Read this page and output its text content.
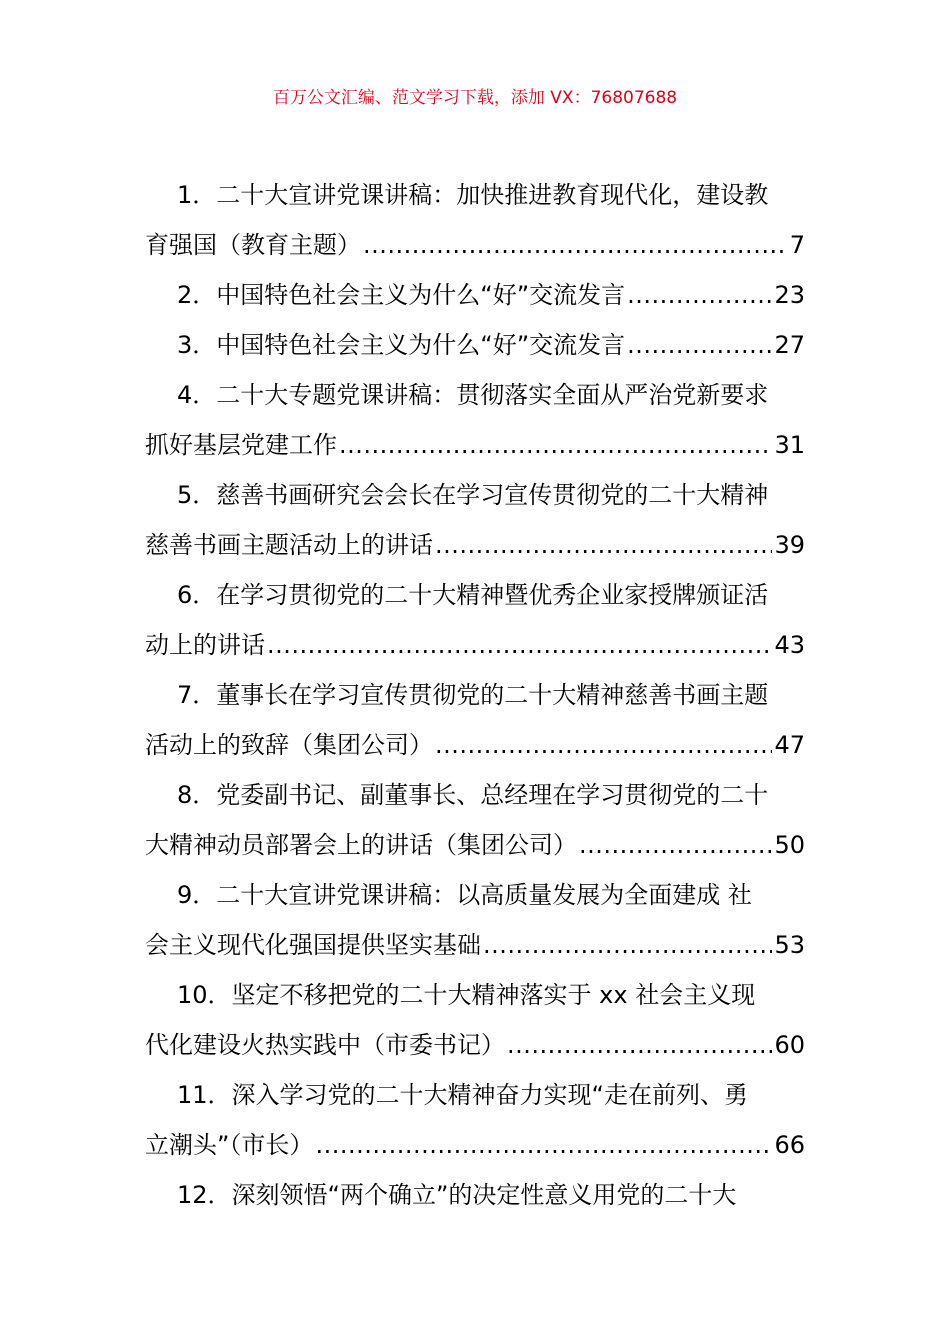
百万公文汇编、范文学习下载，添加 VX：76807688
1．二十大宣讲党课讲稿：加快推进教育现代化，建设教
育强国（教育主题） .....	7
2．中国特色社会主义为什么“好”交流发言 .....	23
3．中国特色社会主义为什么“好”交流发言 .....	27
4．二十大专题党课讲稿：贯彻落实全面从严治党新要求
抓好基层党建工作 .....	31
5．慈善书画研究会会长在学习宣传贯彻党的二十大精神
慈善书画主题活动上的讲话 .....	39
6．在学习贯彻党的二十大精神暨优秀企业家授牌颁证活
动上的讲话 .....	43
7．董事长在学习宣传贯彻党的二十大精神慈善书画主题
活动上的致辞（集团公司） .....	47
8．党委副书记、副董事长、总经理在学习贯彻党的二十
大精神动员部署会上的讲话（集团公司） .....	50
9．二十大宣讲党课讲稿：以高质量发展为全面建成 社
会主义现代化强国提供坚实基础 .....	53
10．坚定不移把党的二十大精神落实于 xx 社会主义现
代化建设火热实践中（市委书记） .....	60
11．深入学习党的二十大精神奋力实现“走在前列、勇
立潮头”（市长） .....	66
12．深刻领悟“两个确立”的决定性意义用党的二十大
